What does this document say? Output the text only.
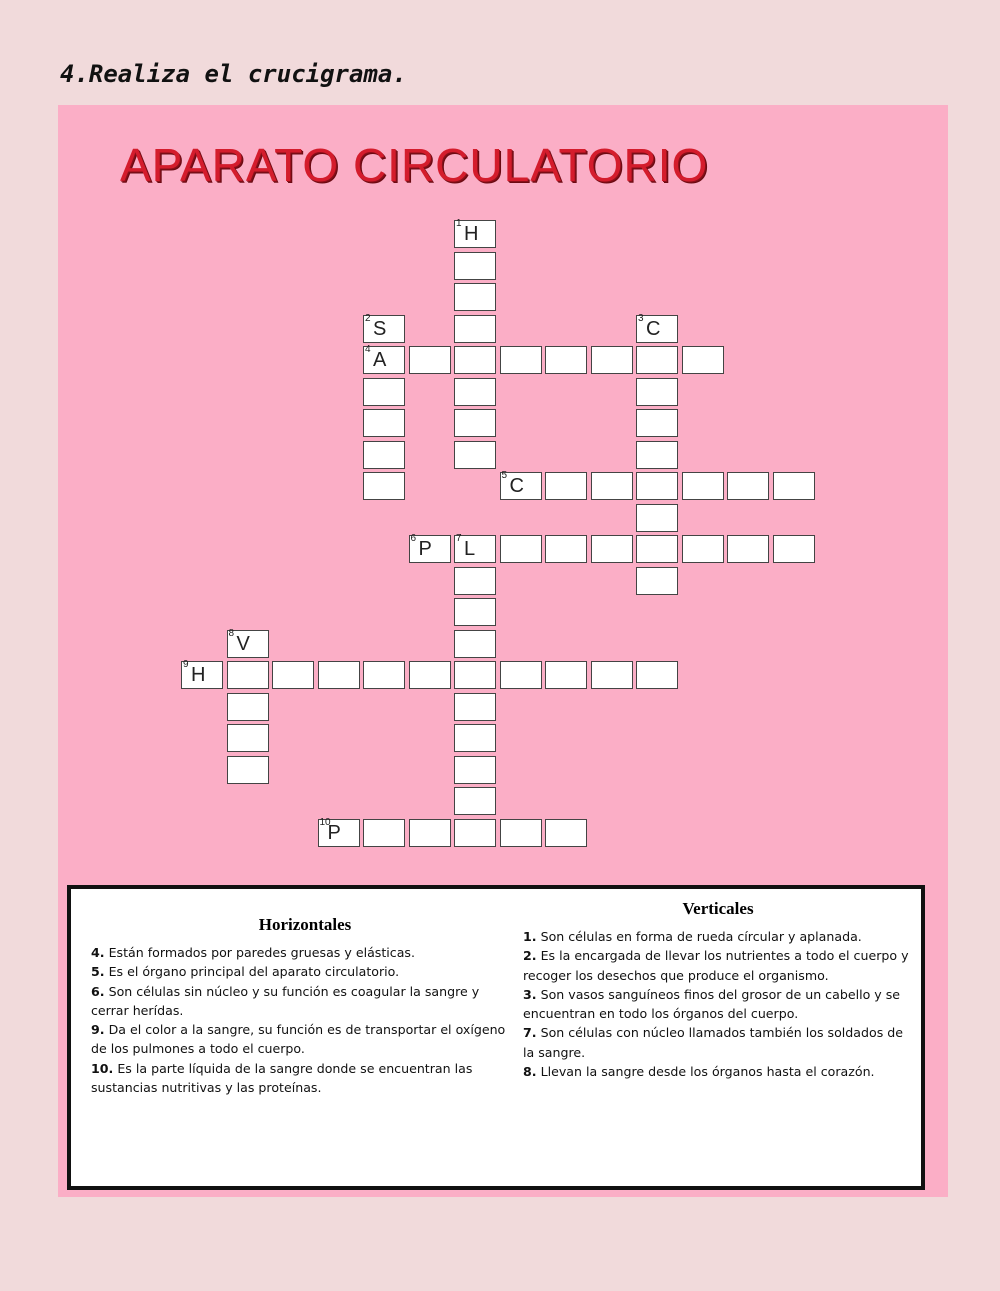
4.Realiza el crucigrama.
APARATO CIRCULATORIO
1 H
2 S	3 C
4 A
5 C
6 P 7 L
8 V
9 H
10
P
Horizontales

4. Están formados por paredes gruesas y elásticas.

5. Es el órgano principal del aparato circulatorio.

6. Son células sin núcleo y su función es coagular la sangre y cerrar herídas.

9. Da el color a la sangre, su función es de transportar el oxígeno de los pulmones a todo el cuerpo.

10. Es la parte líquida de la sangre donde se encuentran las sustancias nutritivas y las proteínas.

Verticales

1. Son células en forma de rueda círcular y aplanada.

2. Es la encargada de llevar los nutrientes a todo el cuerpo y recoger los desechos que produce el organismo.

3. Son vasos sanguíneos finos del grosor de un cabello y se encuentran en todo los órganos del cuerpo.

7. Son células con núcleo llamados también los soldados de la sangre.

8. Llevan la sangre desde los órganos hasta el corazón.
